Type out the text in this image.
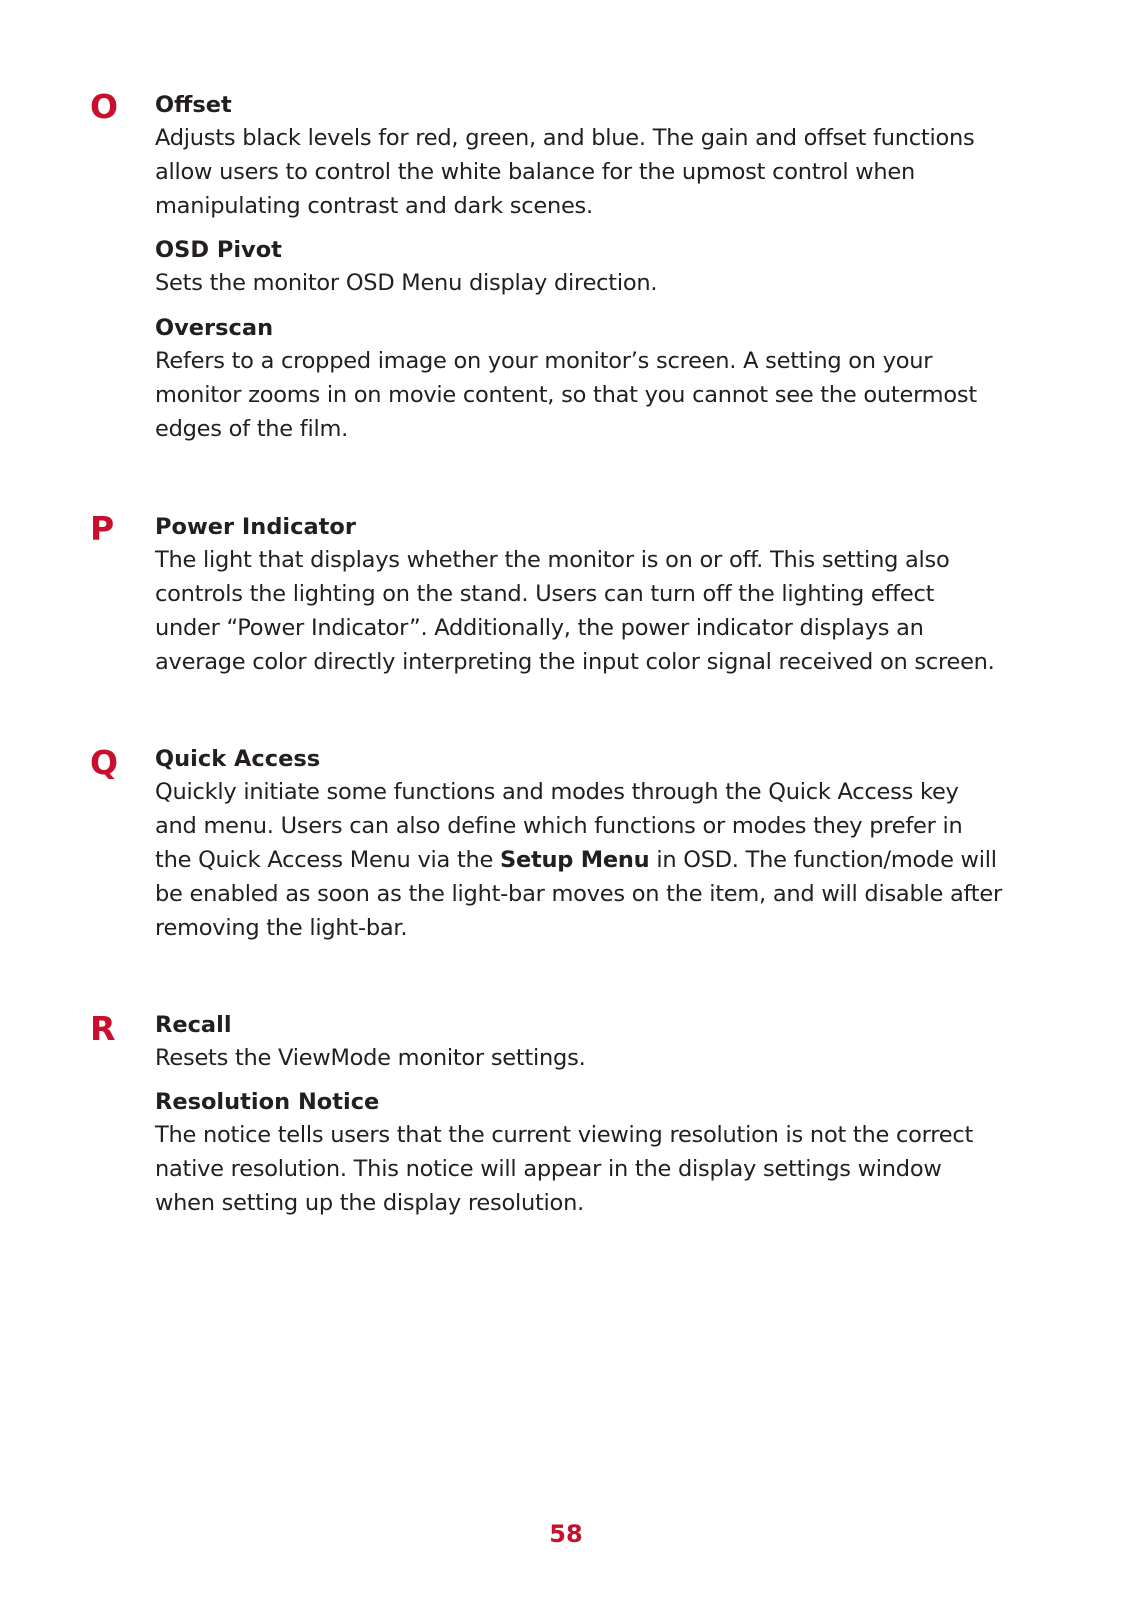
O Offset

Adjusts black levels for red, green, and blue. The gain and offset functions
allow users to control the white balance for the upmost control when
manipulating contrast and dark scenes.

OSD Pivot

Sets the monitor OSD Menu display direction.

Overscan

Refers to a cropped image on your monitor’s screen. A setting on your
monitor zooms in on movie content, so that you cannot see the outermost
edges of the film.

P Power Indicator

The light that displays whether the monitor is on or off. This setting also
controls the lighting on the stand. Users can turn off the lighting effect
under “Power Indicator”. Additionally, the power indicator displays an
average color directly interpreting the input color signal received on screen.

Q Quick Access

Quickly initiate some functions and modes through the Quick Access key
and menu. Users can also define which functions or modes they prefer in
the Quick Access Menu via the Setup Menu in OSD. The function/mode will
be enabled as soon as the light-bar moves on the item, and will disable after
removing the light-bar.

R Recall

Resets the ViewMode monitor settings.

Resolution Notice

The notice tells users that the current viewing resolution is not the correct
native resolution. This notice will appear in the display settings window
when setting up the display resolution.

58
